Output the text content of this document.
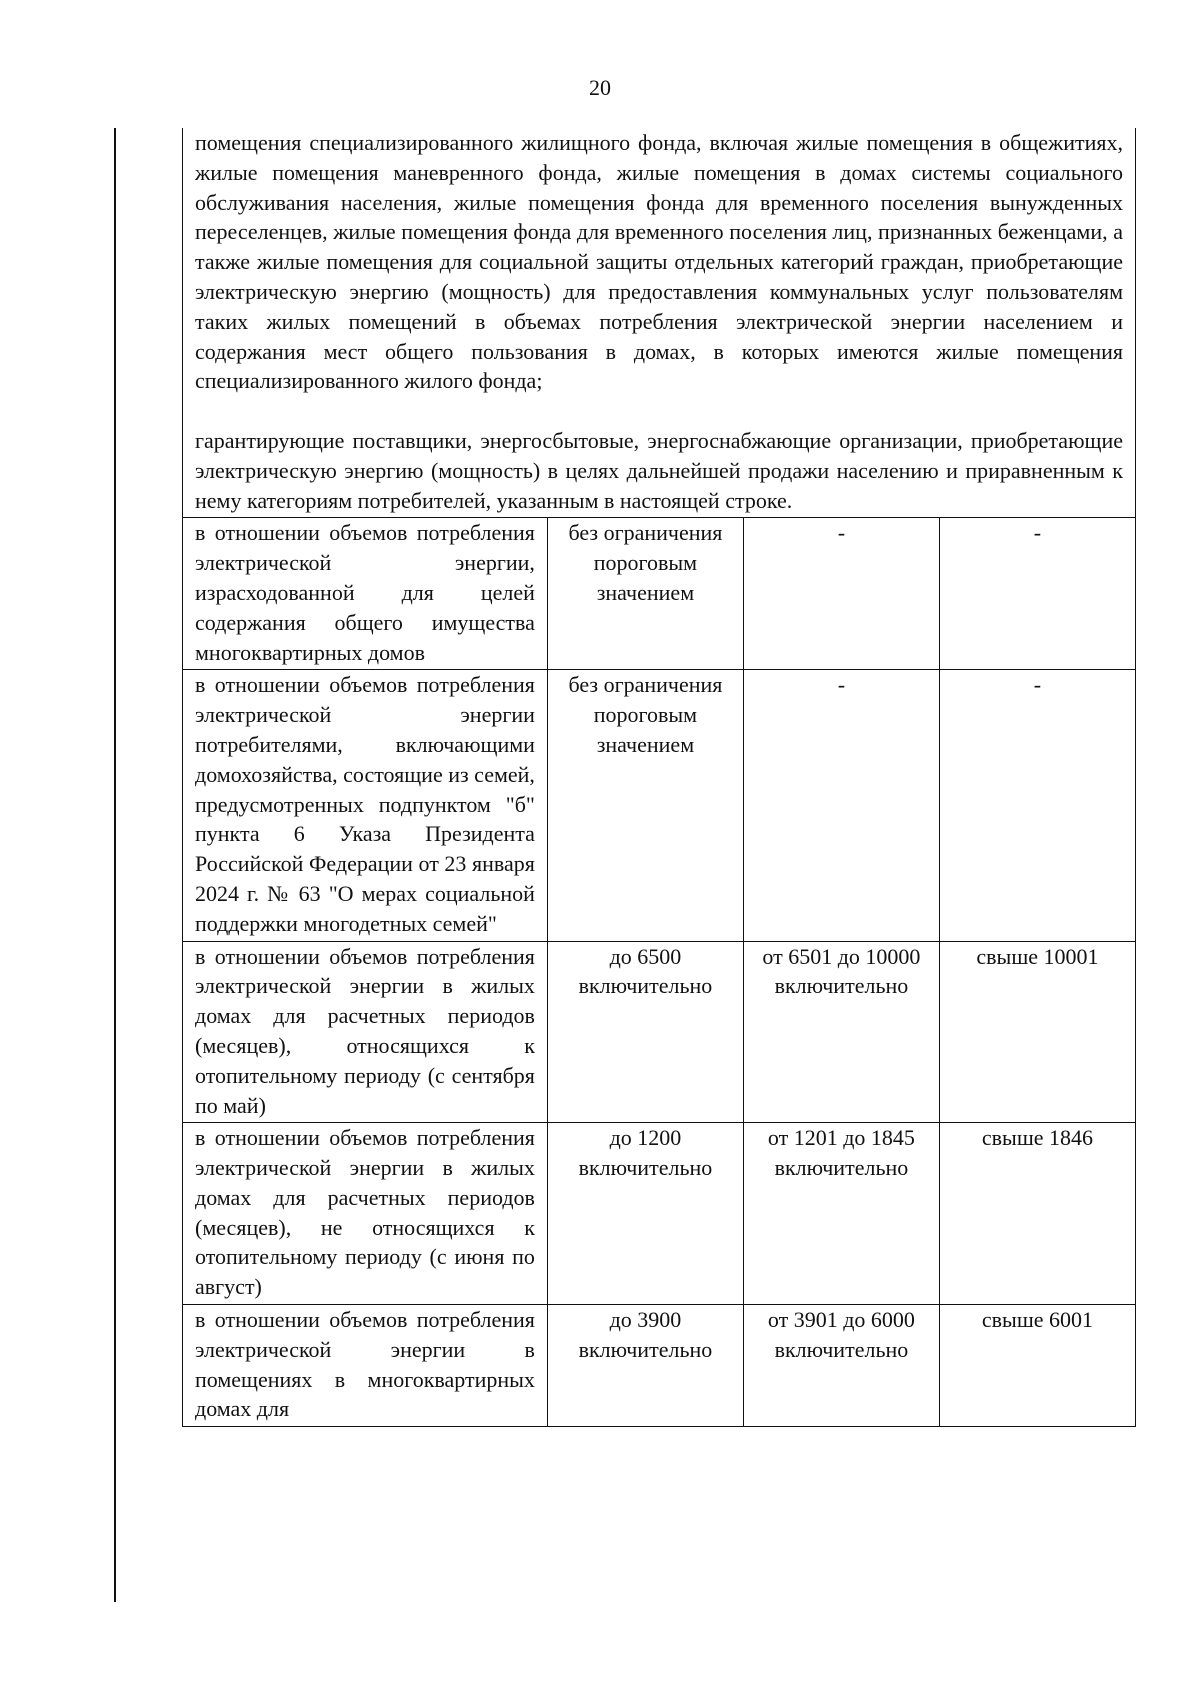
20

помещения специализированного жилищного фонда, включая жилые помещения в общежитиях, жилые помещения маневренного фонда, жилые помещения в домах системы социального обслуживания населения, жилые помещения фонда для временного поселения вынужденных переселенцев, жилые помещения фонда для временного поселения лиц, признанных беженцами, а также жилые помещения для социальной защиты отдельных категорий граждан, приобретающие электрическую энергию (мощность) для предоставления коммунальных услуг пользователям таких жилых помещений в объемах потребления электрической энергии населением и содержания мест общего пользования в домах, в которых имеются жилые помещения специализированного жилого фонда;

гарантирующие поставщики, энергосбытовые, энергоснабжающие организации, приобретающие электрическую энергию (мощность) в целях дальнейшей продажи населению и приравненным к нему категориям потребителей, указанным в настоящей строке.			

в отношении объемов потребления электрической энергии, израсходованной для целей содержания общего имущества многоквартирных домов	без ограничения пороговым значением	-	-
в отношении объемов потребления электрической энергии потребителями, включающими домохозяйства, состоящие из семей, предусмотренных подпунктом "б" пункта 6 Указа Президента Российской Федерации от 23 января 2024 г. № 63 "О мерах социальной поддержки многодетных семей"	без ограничения пороговым значением	-	-
в отношении объемов потребления электрической энергии в жилых домах для расчетных периодов (месяцев), относящихся к отопительному периоду (с сентября по май)	до 6500 включительно	от 6501 до 10000 включительно	свыше 10001
в отношении объемов потребления электрической энергии в жилых домах для расчетных периодов (месяцев), не относящихся к отопительному периоду (с июня по август)	до 1200 включительно	от 1201 до 1845 включительно	свыше 1846
в отношении объемов потребления электрической энергии в помещениях в многоквартирных домах для	до 3900 включительно	от 3901 до 6000 включительно	свыше 6001
